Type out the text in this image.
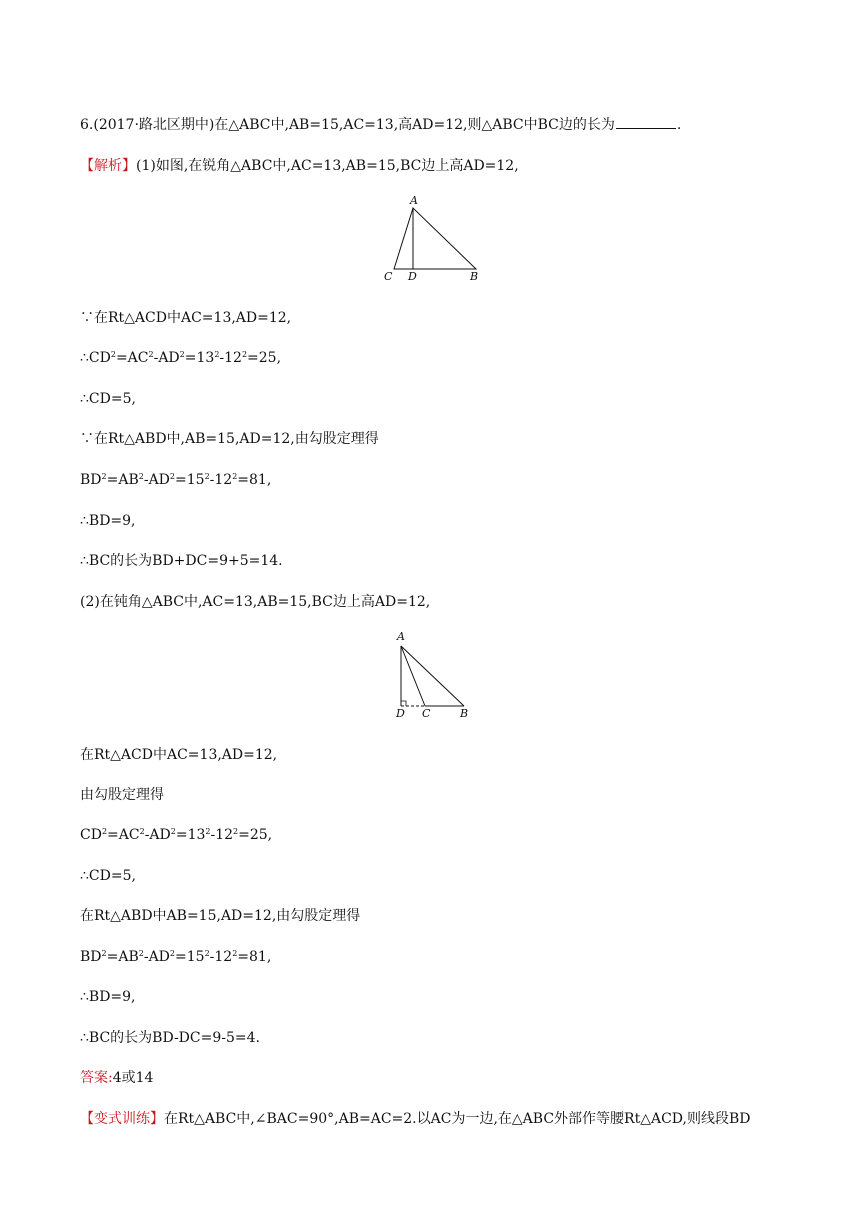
6.(2017·路北区期中)在△ABC中,AB=15,AC=13,高AD=12,则△ABC中BC边的长为	.
【解析】(1)如图,在锐角△ABC中,AC=13,AB=15,BC边上高AD=12,
A
C D	B
∵在Rt△ACD中AC=13,AD=12,
$\therefore CD^2=AC^2-AD^2=13^2-12^2=25$,
∴CD=5,
∵在Rt△ABD中,AB=15,AD=12,由勾股定理得
$BD^2=AB^2-AD^2=15^2-12^2=81$,
∴BD=9,
∴BC的长为BD+DC=9+5=14.
(2)在钝角△ABC中,AC=13,AB=15,BC边上高AD=12,
A
D C	B
在Rt△ACD中AC=13,AD=12,
由勾股定理得
$CD^2=AC^2-AD^2=13^2-12^2=25$,
∴CD=5,
在Rt△ABD中AB=15,AD=12,由勾股定理得
$BD^2=AB^2-AD^2=15^2-12^2=81$,
∴BD=9,
∴BC的长为BD-DC=9-5=4.
答案:4或14
【变式训练】在Rt△ABC中,∠BAC=90°,AB=AC=2.以AC为一边,在△ABC外部作等腰Rt△ACD,则线段BD
